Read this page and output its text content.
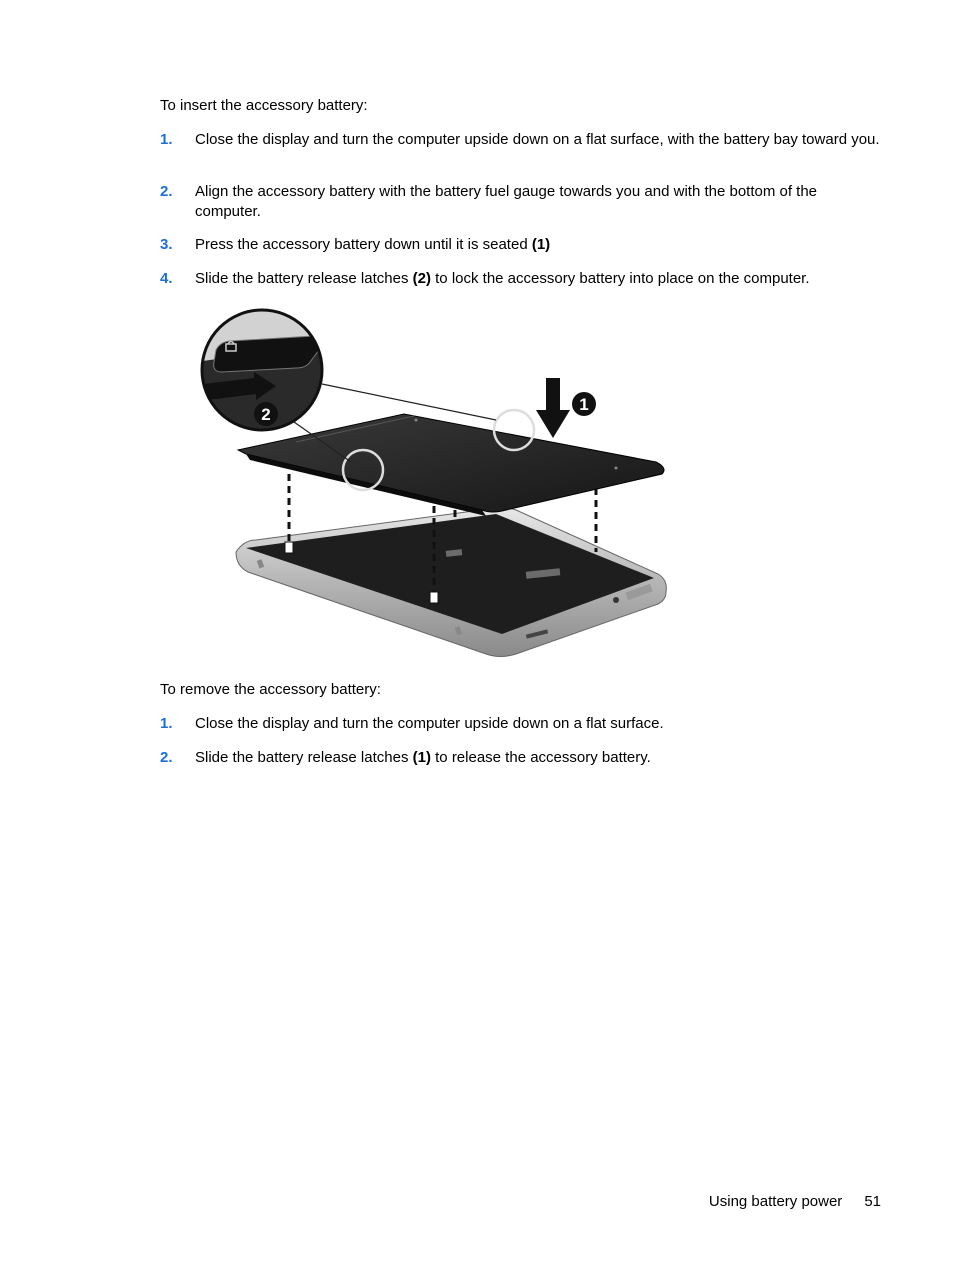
To insert the accessory battery:
1.	Close the display and turn the computer upside down on a flat surface, with the battery bay toward you.
2.	Align the accessory battery with the battery fuel gauge towards you and with the bottom of the computer.
3.	Press the accessory battery down until it is seated (1)
4.	Slide the battery release latches (2) to lock the accessory battery into place on the computer.
2
1
To remove the accessory battery:
1.	Close the display and turn the computer upside down on a flat surface.
2.	Slide the battery release latches (1) to release the accessory battery.
Using battery power 51
